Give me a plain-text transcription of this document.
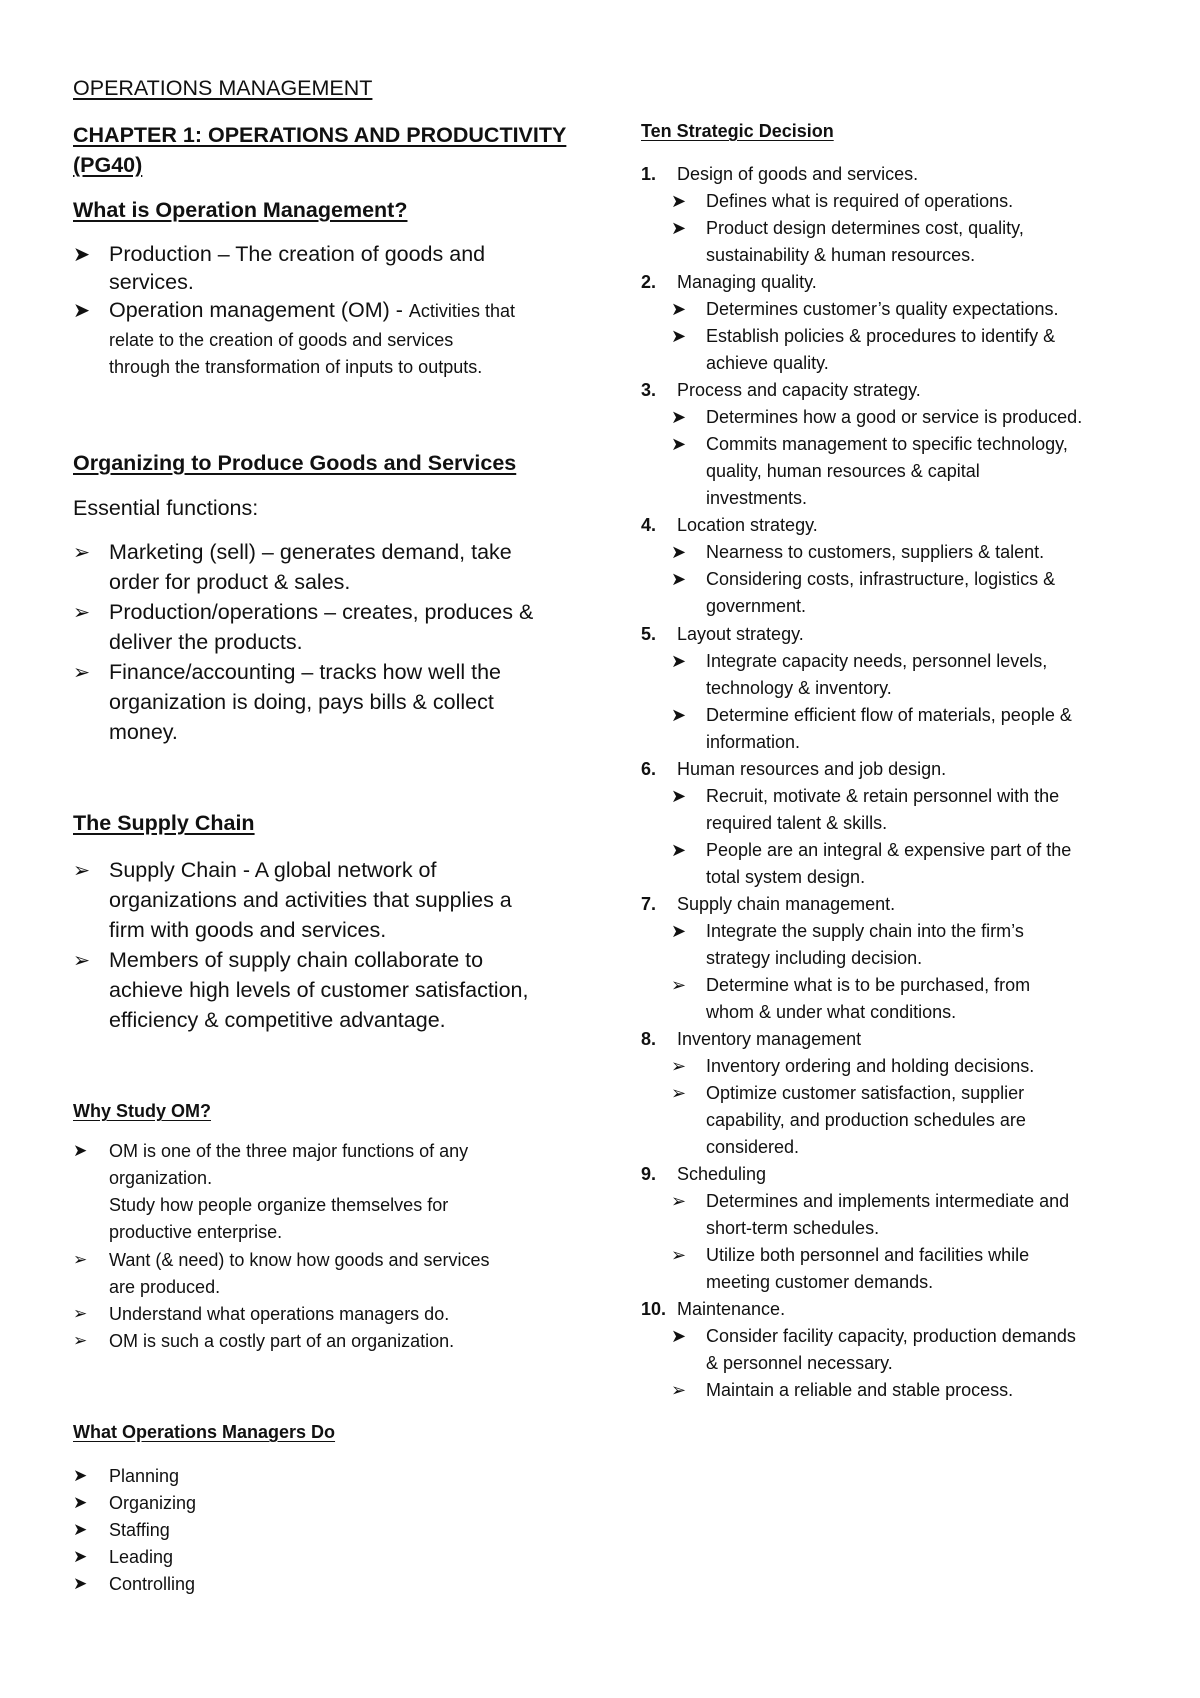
OPERATIONS MANAGEMENT
CHAPTER 1: OPERATIONS AND PRODUCTIVITY
(PG40)
What is Operation Management?
➤ Production – The creation of goods and
services.
➤ Operation management (OM) - Activities that
relate to the creation of goods and services
through the transformation of inputs to outputs.
Organizing to Produce Goods and Services
Essential functions:
➢ Marketing (sell) – generates demand, take
order for product & sales.
➢ Production/operations – creates, produces &
deliver the products.
➢ Finance/accounting – tracks how well the
organization is doing, pays bills & collect
money.
The Supply Chain
➢ Supply Chain - A global network of
organizations and activities that supplies a
firm with goods and services.
➢ Members of supply chain collaborate to
achieve high levels of customer satisfaction,
efficiency & competitive advantage.
Why Study OM?
➤ OM is one of the three major functions of any
organization.
Study how people organize themselves for
productive enterprise.
➢ Want (& need) to know how goods and services
are produced.
➢ Understand what operations managers do.
➢ OM is such a costly part of an organization.
What Operations Managers Do
➤ Planning
➤ Organizing
➤ Staffing
➤ Leading
➤ Controlling
Ten Strategic Decision
1. Design of goods and services.
➤ Defines what is required of operations.
➤ Product design determines cost, quality,
sustainability & human resources.
2. Managing quality.
➤ Determines customer’s quality expectations.
➤ Establish policies & procedures to identify &
achieve quality.
3. Process and capacity strategy.
➤ Determines how a good or service is produced.
➤ Commits management to specific technology,
quality, human resources & capital
investments.
4. Location strategy.
➤ Nearness to customers, suppliers & talent.
➤ Considering costs, infrastructure, logistics &
government.
5. Layout strategy.
➤ Integrate capacity needs, personnel levels,
technology & inventory.
➤ Determine efficient flow of materials, people &
information.
6. Human resources and job design.
➤ Recruit, motivate & retain personnel with the
required talent & skills.
➤ People are an integral & expensive part of the
total system design.
7. Supply chain management.
➤ Integrate the supply chain into the firm’s
strategy including decision.
➢ Determine what is to be purchased, from
whom & under what conditions.
8. Inventory management
➢ Inventory ordering and holding decisions.
➢ Optimize customer satisfaction, supplier
capability, and production schedules are
considered.
9. Scheduling
➢ Determines and implements intermediate and
short-term schedules.
➢ Utilize both personnel and facilities while
meeting customer demands.
10. Maintenance.
➤ Consider facility capacity, production demands
& personnel necessary.
➢ Maintain a reliable and stable process.
